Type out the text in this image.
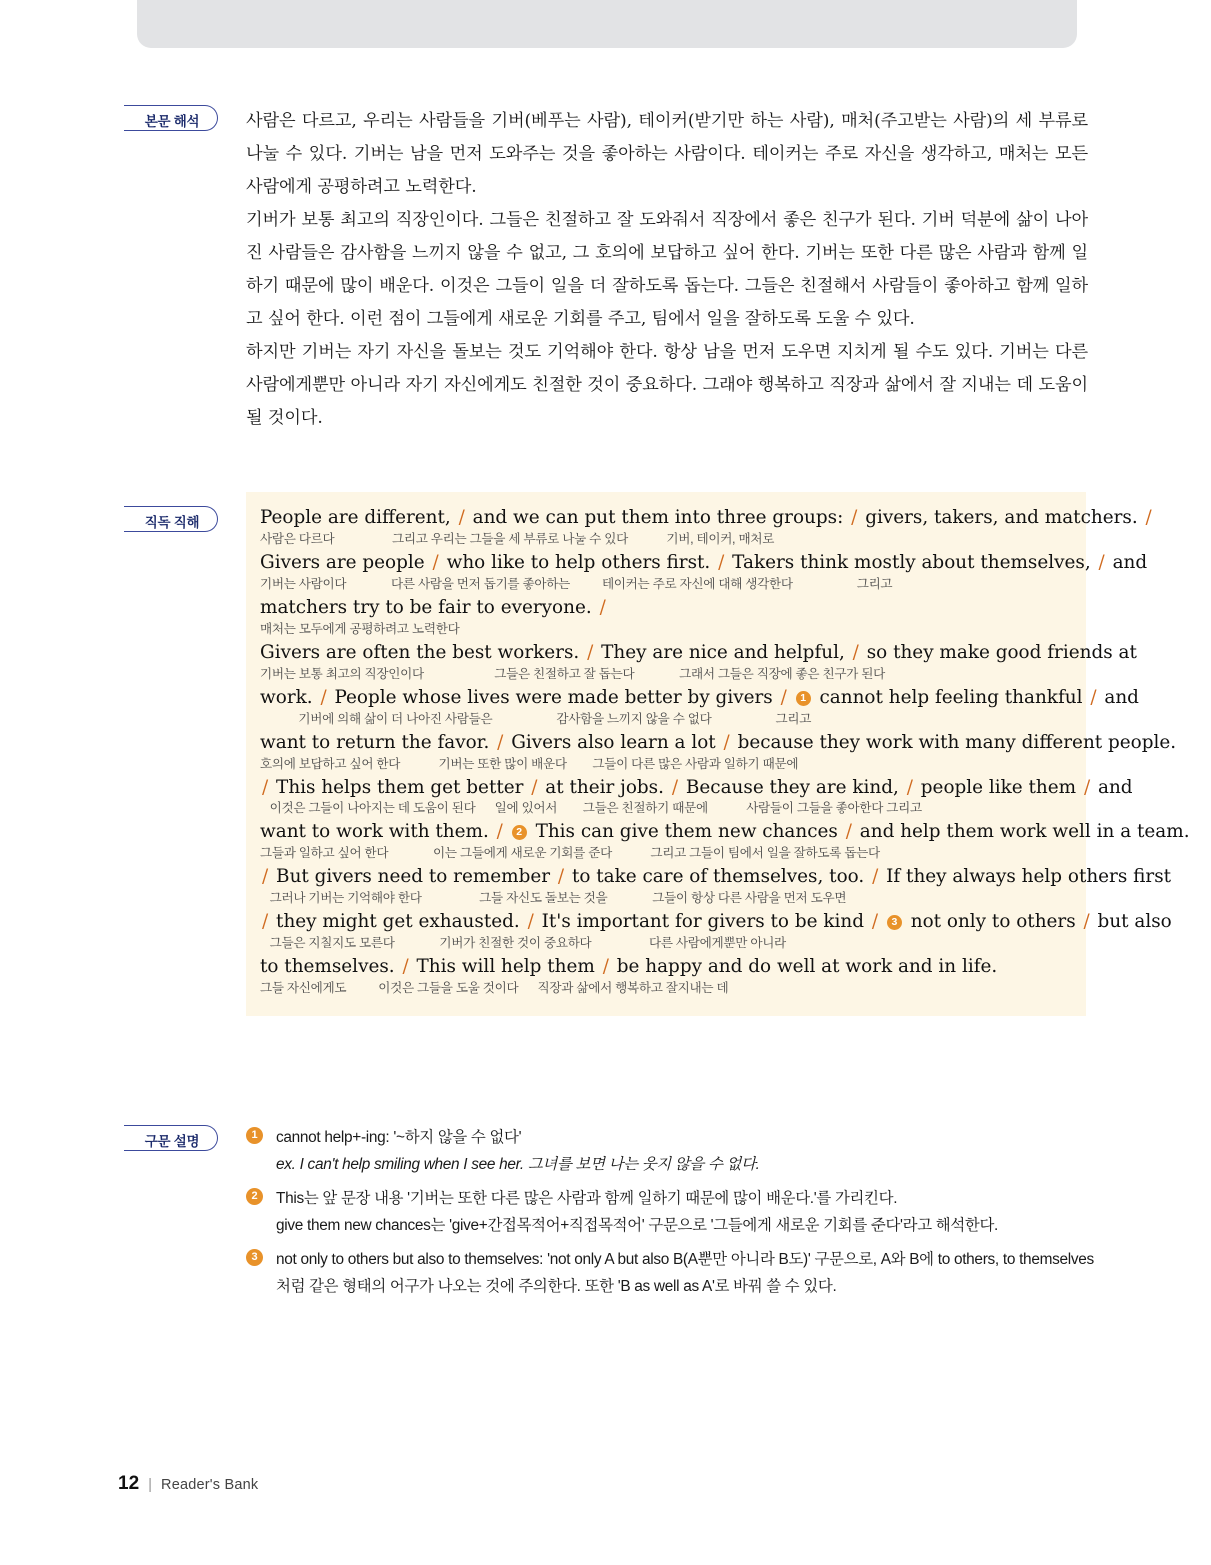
본문 해석	사람은 다르고, 우리는 사람들을 기버(베푸는 사람), 테이커(받기만 하는 사람), 매처(주고받는 사람)의 세 부류로 나눌 수 있다. 기버는 남을 먼저 도와주는 것을 좋아하는 사람이다. 테이커는 주로 자신을 생각하고, 매처는 모든 사람에게 공평하려고 노력한다.

기버가 보통 최고의 직장인이다. 그들은 친절하고 잘 도와줘서 직장에서 좋은 친구가 된다. 기버 덕분에 삶이 나아진 사람들은 감사함을 느끼지 않을 수 없고, 그 호의에 보답하고 싶어 한다. 기버는 또한 다른 많은 사람과 함께 일하기 때문에 많이 배운다. 이것은 그들이 일을 더 잘하도록 돕는다. 그들은 친절해서 사람들이 좋아하고 함께 일하고 싶어 한다. 이런 점이 그들에게 새로운 기회를 주고, 팀에서 일을 잘하도록 도울 수 있다.

하지만 기버는 자기 자신을 돌보는 것도 기억해야 한다. 항상 남을 먼저 도우면 지치게 될 수도 있다. 기버는 다른 사람에게뿐만 아니라 자기 자신에게도 친절한 것이 중요하다. 그래야 행복하고 직장과 삶에서 잘 지내는 데 도움이 될 것이다.

직독 직해	People are different, / and we can put them into three groups: / givers, takers, and matchers. /
사람은 다르다                  그리고 우리는 그들을 세 부류로 나눌 수 있다            기버, 테이커, 매처로
Givers are people / who like to help others first. / Takers think mostly about themselves, / and
기버는 사람이다              다른 사람을 먼저 돕기를 좋아하는          테이커는 주로 자신에 대해 생각한다                    그리고
matchers try to be fair to everyone. /
매처는 모두에게 공평하려고 노력한다
Givers are often the best workers. / They are nice and helpful, / so they make good friends at
기버는 보통 최고의 직장인이다                      그들은 친절하고 잘 돕는다              그래서 그들은 직장에 좋은 친구가 된다
work. / People whose lives were made better by givers / 1 cannot help feeling thankful / and
기버에 의해 삶이 더 나아진 사람들은                    감사함을 느끼지 않을 수 없다                    그리고
want to return the favor. / Givers also learn a lot / because they work with many different people.
호의에 보답하고 싶어 한다            기버는 또한 많이 배운다        그들이 다른 많은 사람과 일하기 때문에
/ This helps them get better / at their jobs. / Because they are kind, / people like them / and
이것은 그들이 나아지는 데 도움이 된다      일에 있어서        그들은 친절하기 때문에            사람들이 그들을 좋아한다 그리고
want to work with them. / 2 This can give them new chances / and help them work well in a team.
그들과 일하고 싶어 한다              이는 그들에게 새로운 기회를 준다            그리고 그들이 팀에서 일을 잘하도록 돕는다
/ But givers need to remember / to take care of themselves, too. / If they always help others first
그러나 기버는 기억해야 한다                  그들 자신도 돌보는 것을              그들이 항상 다른 사람을 먼저 도우면
/ they might get exhausted. / It's important for givers to be kind / 3 not only to others / but also
그들은 지칠지도 모른다              기버가 친절한 것이 중요하다                  다른 사람에게뿐만 아니라
to themselves. / This will help them / be happy and do well at work and in life.
그들 자신에게도          이것은 그들을 도울 것이다      직장과 삶에서 행복하고 잘지내는 데
구문 설명	1	cannot help+-ing: '~하지 않을 수 없다'
ex. I can't help smiling when I see her. 그녀를 보면 나는 웃지 않을 수 없다.
2	This는 앞 문장 내용 '기버는 또한 다른 많은 사람과 함께 일하기 때문에 많이 배운다.'를 가리킨다.
give them new chances는 'give+간접목적어+직접목적어' 구문으로 '그들에게 새로운 기회를 준다'라고 해석한다.
3	not only to others but also to themselves: 'not only A but also B(A뿐만 아니라 B도)' 구문으로, A와 B에 to others, to themselves처럼 같은 형태의 어구가 나오는 것에 주의한다. 또한 'B as well as A'로 바꿔 쓸 수 있다.
12 | Reader's Bank
